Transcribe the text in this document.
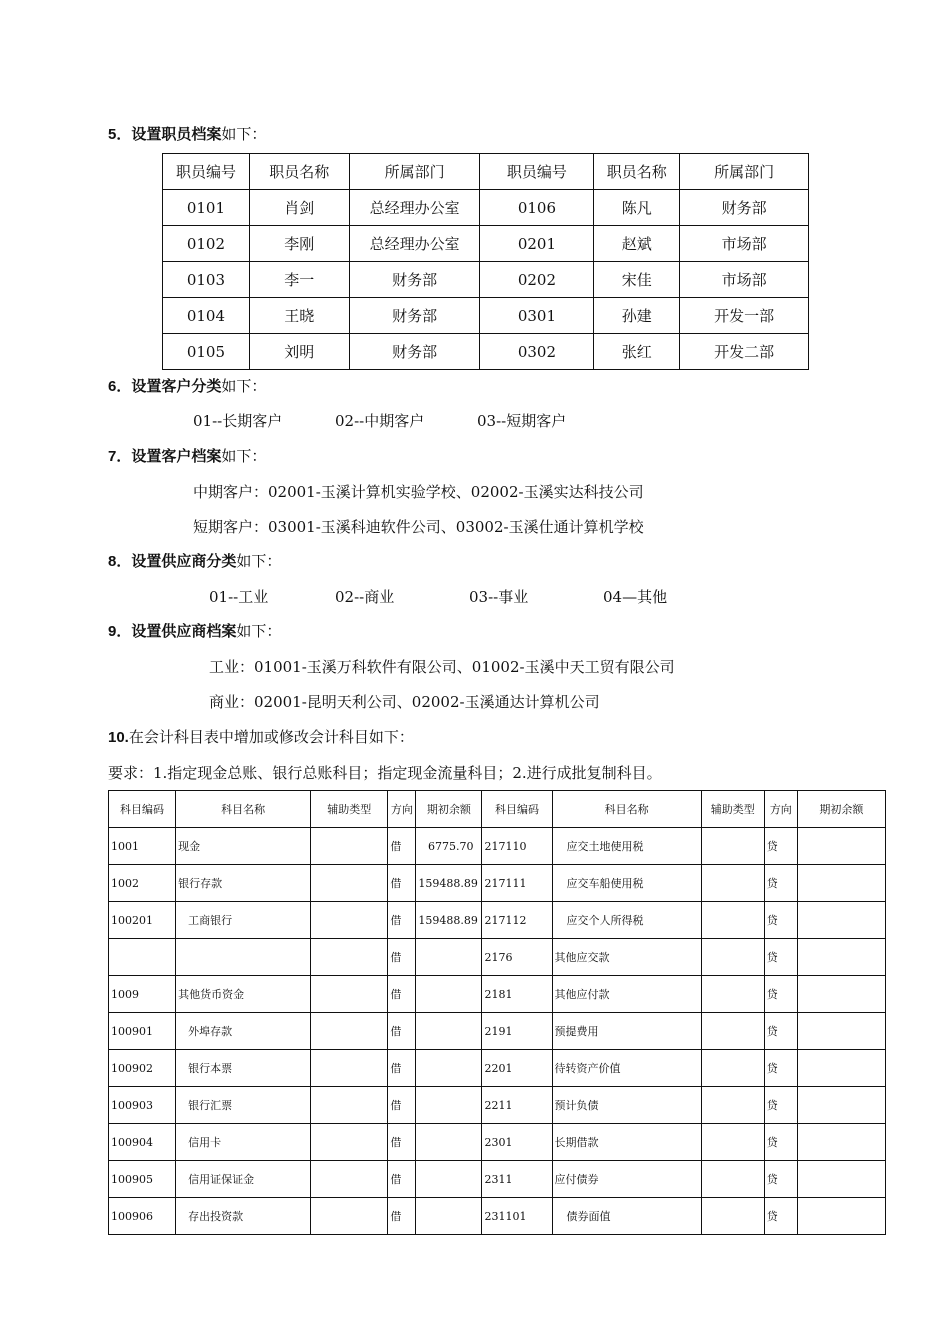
5．设置职员档案如下：
职员编号	职员名称	所属部门	职员编号	职员名称	所属部门
0101	肖剑	总经理办公室	0106	陈凡	财务部
0102	李刚	总经理办公室	0201	赵斌	市场部
0103	李一	财务部	0202	宋佳	市场部
0104	王晓	财务部	0301	孙建	开发一部
0105	刘明	财务部	0302	张红	开发二部
6．设置客户分类如下：
01--长期客户	02--中期客户	03--短期客户
7．设置客户档案如下：
中期客户：02001-玉溪计算机实验学校、02002-玉溪实达科技公司
短期客户：03001-玉溪科迪软件公司、03002-玉溪仕通计算机学校
8．设置供应商分类如下：
01--工业	02--商业	03--事业	04—其他
9．设置供应商档案如下：
工业：01001-玉溪万科软件有限公司、01002-玉溪中天工贸有限公司
商业：02001-昆明天利公司、02002-玉溪通达计算机公司
10.在会计科目表中增加或修改会计科目如下：
要求：1.指定现金总账、银行总账科目；指定现金流量科目；2.进行成批复制科目。
科目编码	科目名称	辅助类型	方向	期初余额	科目编码	科目名称	辅助类型	方向	期初余额
1001	现金		借	6775.70	217110	应交土地使用税		贷	
1002	银行存款		借	159488.89	217111	应交车船使用税		贷	
100201	工商银行		借	159488.89	217112	应交个人所得税		贷	
			借		2176	其他应交款		贷	
1009	其他货币资金		借		2181	其他应付款		贷	
100901	外埠存款		借		2191	预提费用		贷	
100902	银行本票		借		2201	待转资产价值		贷	
100903	银行汇票		借		2211	预计负债		贷	
100904	信用卡		借		2301	长期借款		贷	
100905	信用证保证金		借		2311	应付债券		贷	
100906	存出投资款		借		231101	债券面值		贷	
